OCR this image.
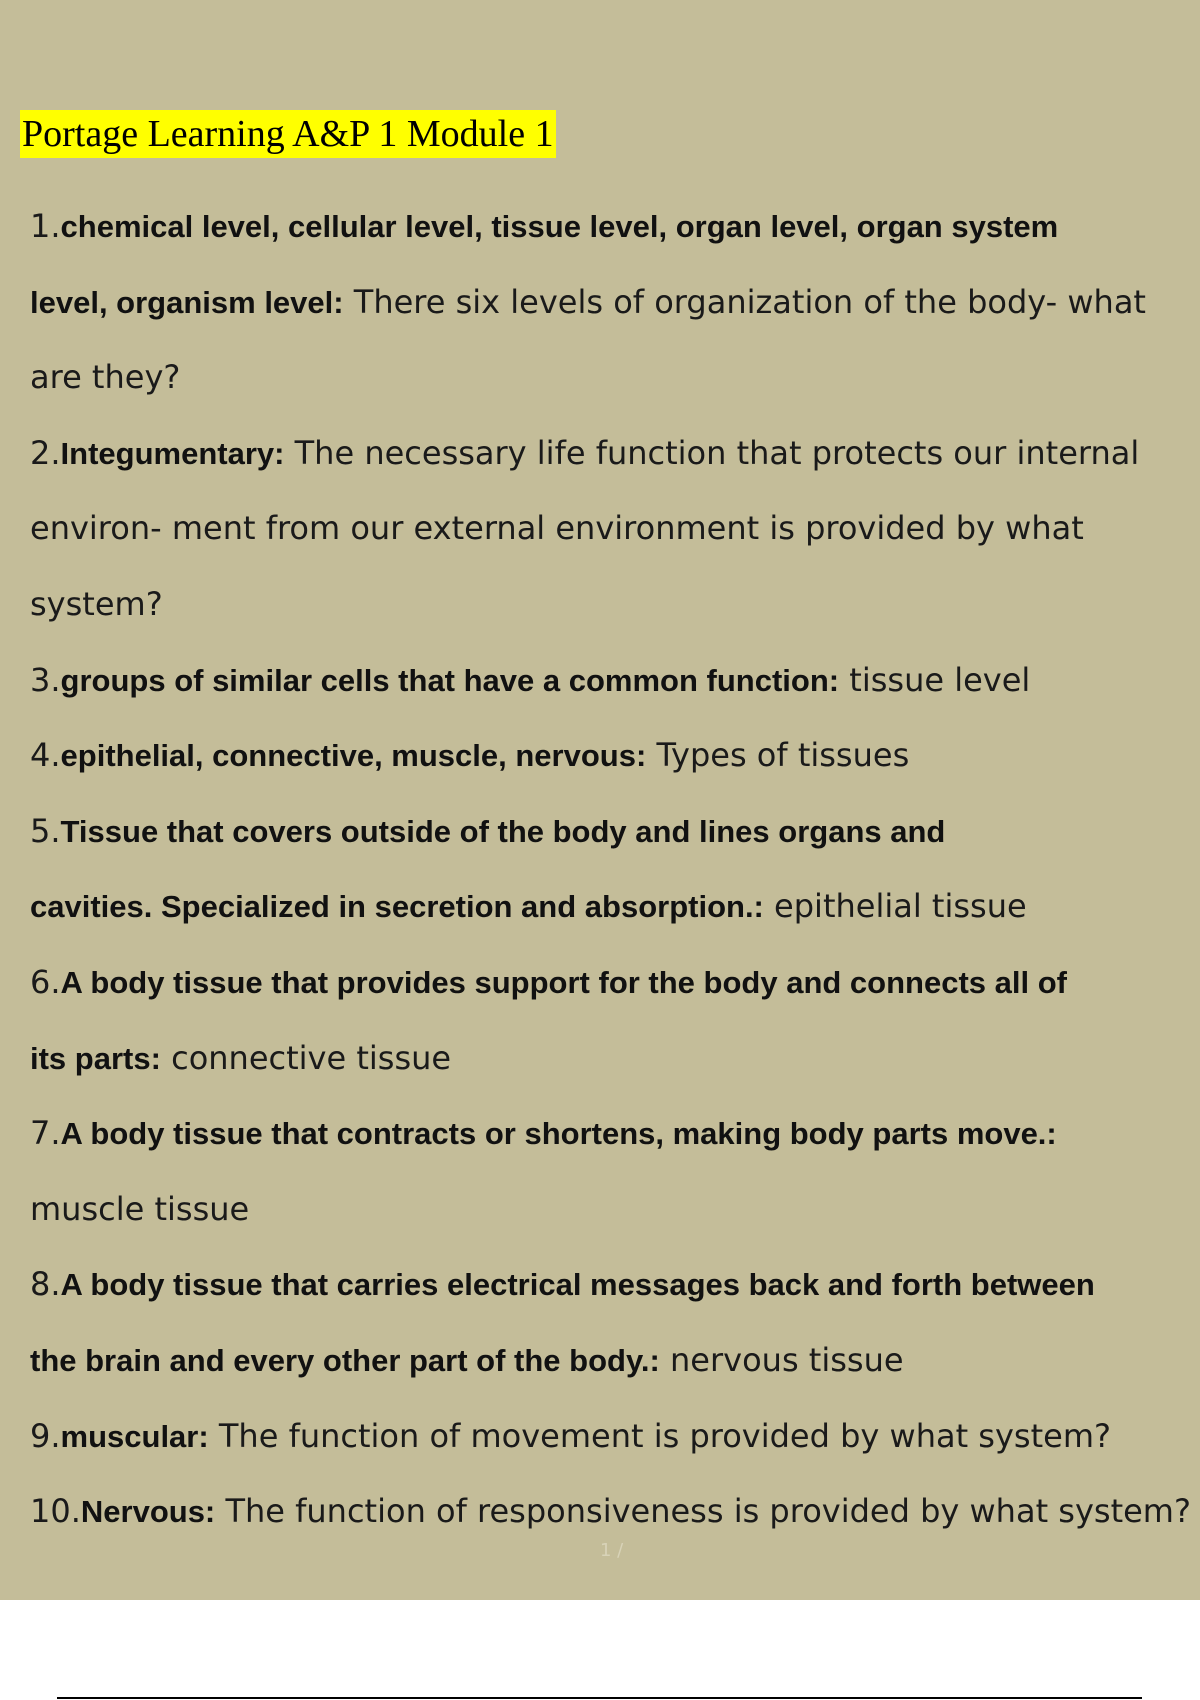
Portage Learning A&P 1 Module 1
1.chemical level, cellular level, tissue level, organ level, organ system
level, organism level: There six levels of organization of the body- what
are they?
2.Integumentary: The necessary life function that protects our internal
environ- ment from our external environment is provided by what
system?
3.groups of similar cells that have a common function: tissue level
4.epithelial, connective, muscle, nervous: Types of tissues
5.Tissue that covers outside of the body and lines organs and
cavities. Specialized in secretion and absorption.: epithelial tissue
6.A body tissue that provides support for the body and connects all of
its parts: connective tissue
7.A body tissue that contracts or shortens, making body parts move.:
muscle tissue
8.A body tissue that carries electrical messages back and forth between
the brain and every other part of the body.: nervous tissue
9.muscular: The function of movement is provided by what system?
10.Nervous: The function of responsiveness is provided by what system?
1 /
